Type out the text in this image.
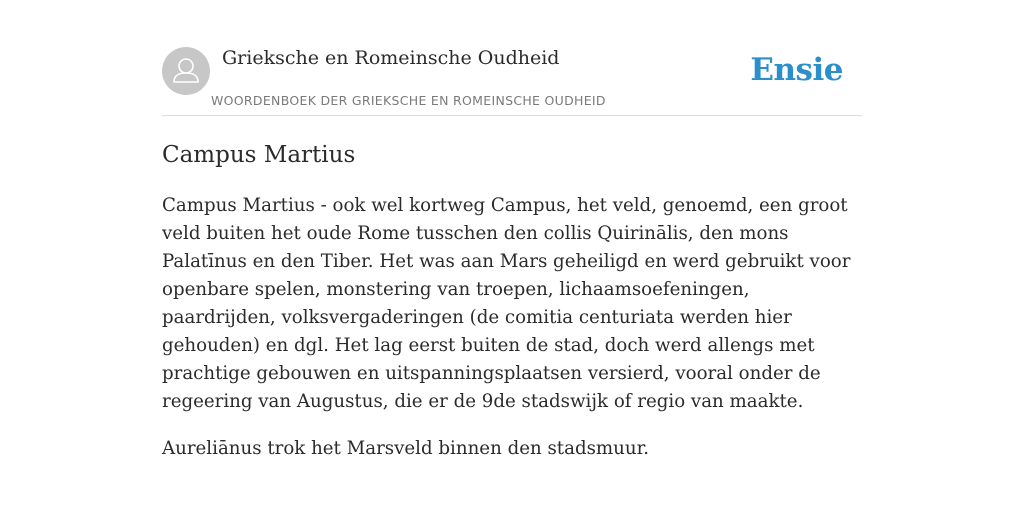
Grieksche en Romeinsche Oudheid
WOORDENBOEK DER GRIEKSCHE EN ROMEINSCHE OUDHEID
Ensie
Campus Martius

Campus Martius - ook wel kortweg Campus, het veld, genoemd, een groot veld buiten het oude Rome tusschen den collis Quirinālis, den mons Palatīnus en den Tiber. Het was aan Mars geheiligd en werd gebruikt voor openbare spelen, monstering van troepen, lichaamsoefeningen, paardrijden, volksvergaderingen (de comitia centuriata werden hier gehouden) en dgl. Het lag eerst buiten de stad, doch werd allengs met prachtige gebouwen en uitspanningsplaatsen versierd, vooral onder de regeering van Augustus, die er de 9de stadswijk of regio van maakte.

Aureliānus trok het Marsveld binnen den stadsmuur.
